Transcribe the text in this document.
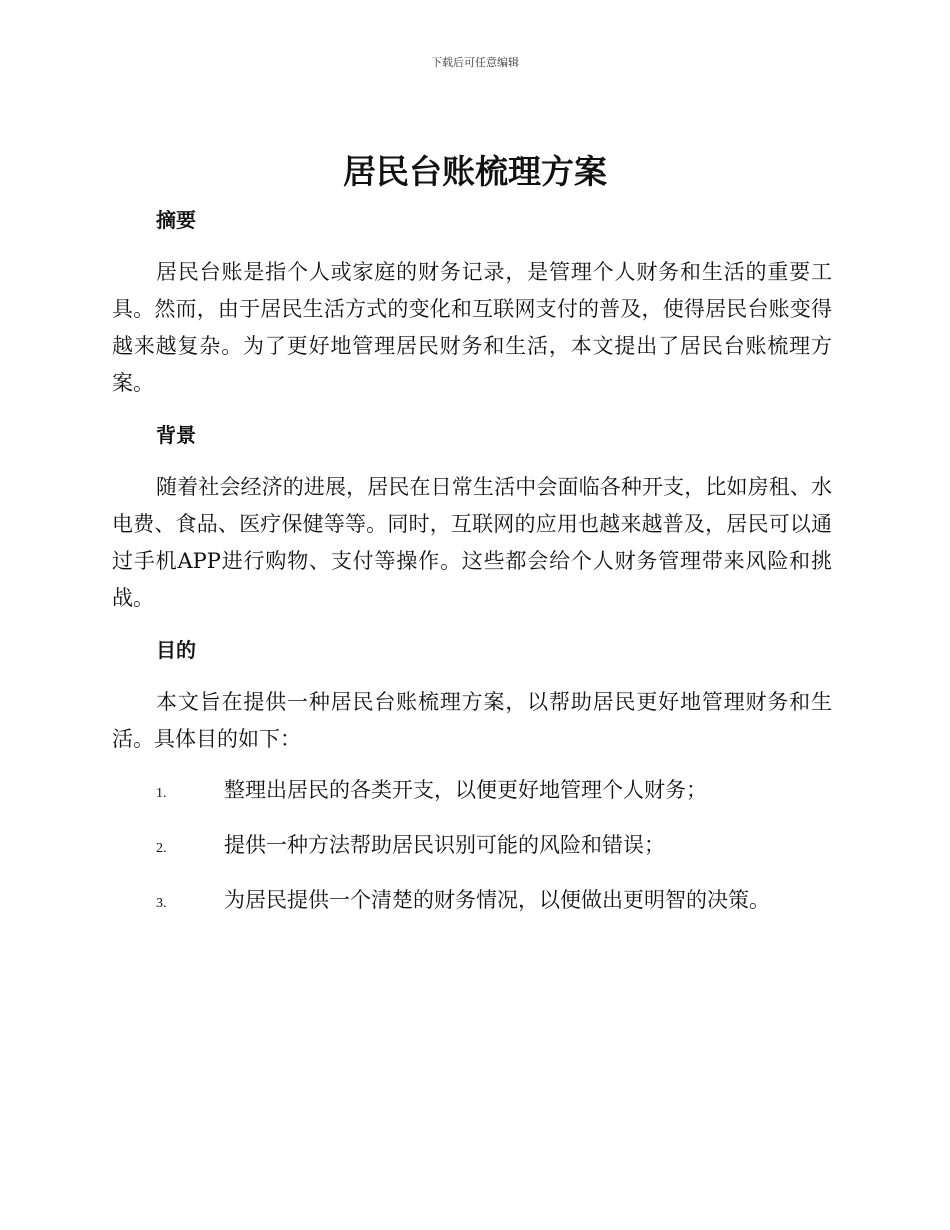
下载后可任意编辑
居民台账梳理方案
摘要

居民台账是指个人或家庭的财务记录，是管理个人财务和生活的重要工具。然而，由于居民生活方式的变化和互联网支付的普及，使得居民台账变得越来越复杂。为了更好地管理居民财务和生活，本文提出了居民台账梳理方案。

背景

随着社会经济的进展，居民在日常生活中会面临各种开支，比如房租、水电费、食品、医疗保健等等。同时，互联网的应用也越来越普及，居民可以通过手机APP进行购物、支付等操作。这些都会给个人财务管理带来风险和挑战。

目的

本文旨在提供一种居民台账梳理方案，以帮助居民更好地管理财务和生活。具体目的如下：

1.	整理出居民的各类开支，以便更好地管理个人财务；
2.	提供一种方法帮助居民识别可能的风险和错误；
3.	为居民提供一个清楚的财务情况，以便做出更明智的决策。
